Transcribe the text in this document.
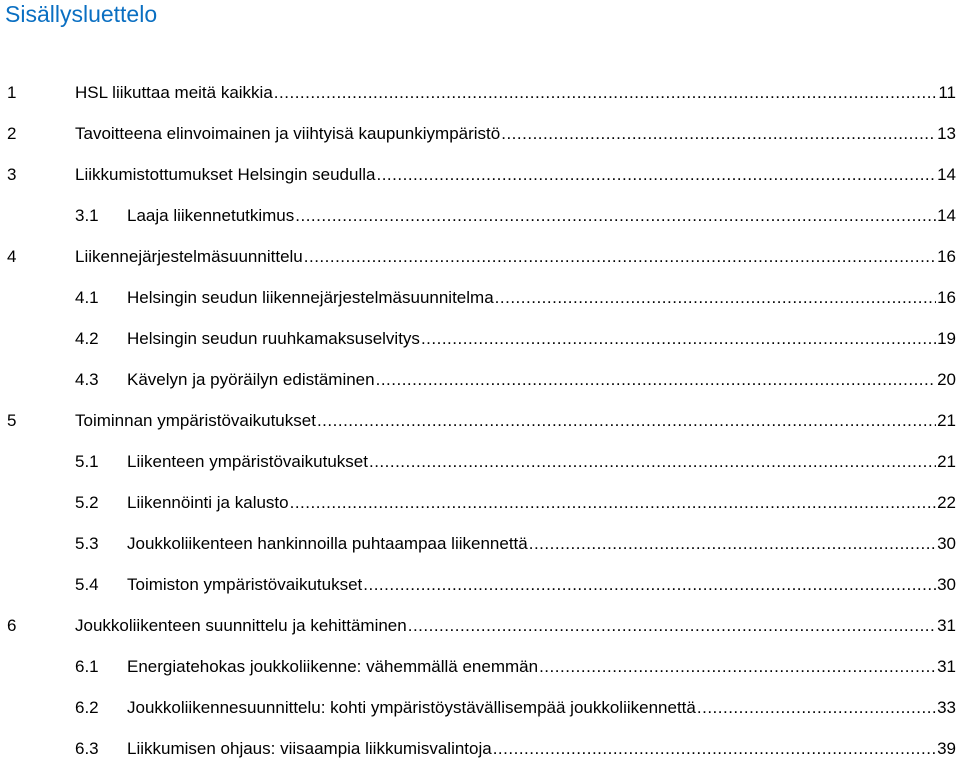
Sisällysluettelo
1	HSL liikuttaa meitä kaikkia .....	11
2	Tavoitteena elinvoimainen ja viihtyisä kaupunkiympäristö .....	13
3	Liikkumistottumukset Helsingin seudulla .....	14
3.1 Laaja liikennetutkimus .....	14
4	Liikennejärjestelmäsuunnittelu .....	16
4.1 Helsingin seudun liikennejärjestelmäsuunnitelma .....	16
4.2 Helsingin seudun ruuhkamaksuselvitys .....	19
4.3 Kävelyn ja pyöräilyn edistäminen .....	20
5	Toiminnan ympäristövaikutukset .....	21
5.1 Liikenteen ympäristövaikutukset .....	21
5.2 Liikennöinti ja kalusto .....	22
5.3 Joukkoliikenteen hankinnoilla puhtaampaa liikennettä .....	30
5.4 Toimiston ympäristövaikutukset .....	30
6	Joukkoliikenteen suunnittelu ja kehittäminen .....	31
6.1 Energiatehokas joukkoliikenne: vähemmällä enemmän .....	31
6.2 Joukkoliikennesuunnittelu: kohti ympäristöystävällisempää joukkoliikennettä .....	33
6.3 Liikkumisen ohjaus: viisaampia liikkumisvalintoja .....	39
